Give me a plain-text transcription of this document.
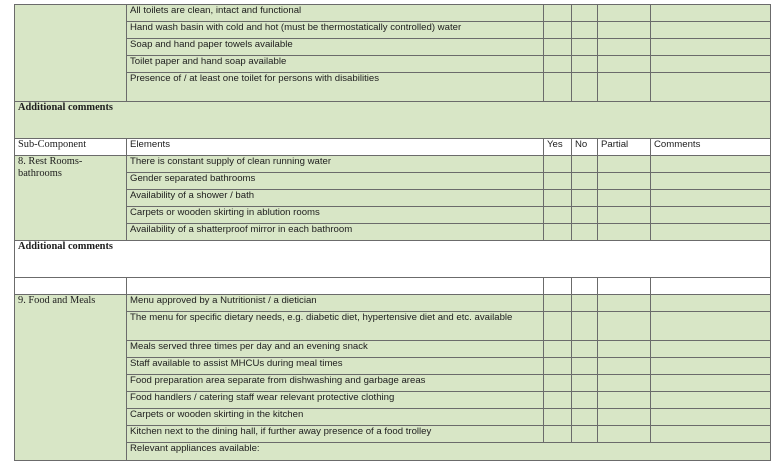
	All toilets are clean, intact and functional				
	Hand wash basin with cold and hot (must be thermostatically controlled) water				
	Soap and hand paper towels available				
	Toilet paper and hand soap available				
	Presence of / at least one toilet for persons with disabilities				
Additional comments					
Sub-Component	Elements	Yes	No	Partial	Comments
8. Rest Rooms-bathrooms	There is constant supply of clean running water				
	Gender separated bathrooms				
	Availability of a shower / bath				
	Carpets or wooden skirting in ablution rooms				
	Availability of a shatterproof mirror in each bathroom				
Additional comments					

9. Food and Meals	Menu approved by a Nutritionist / a dietician				
	The menu for specific dietary needs, e.g. diabetic diet, hypertensive diet and etc. available				
	Meals served three times per day and an evening snack				
	Staff available to assist MHCUs during meal times				
	Food preparation area separate from dishwashing and garbage areas				
	Food handlers / catering staff wear relevant protective clothing				
	Carpets or wooden skirting in the kitchen				
	Kitchen next to the dining hall, if further away presence of a food trolley				
	Relevant appliances available:				
